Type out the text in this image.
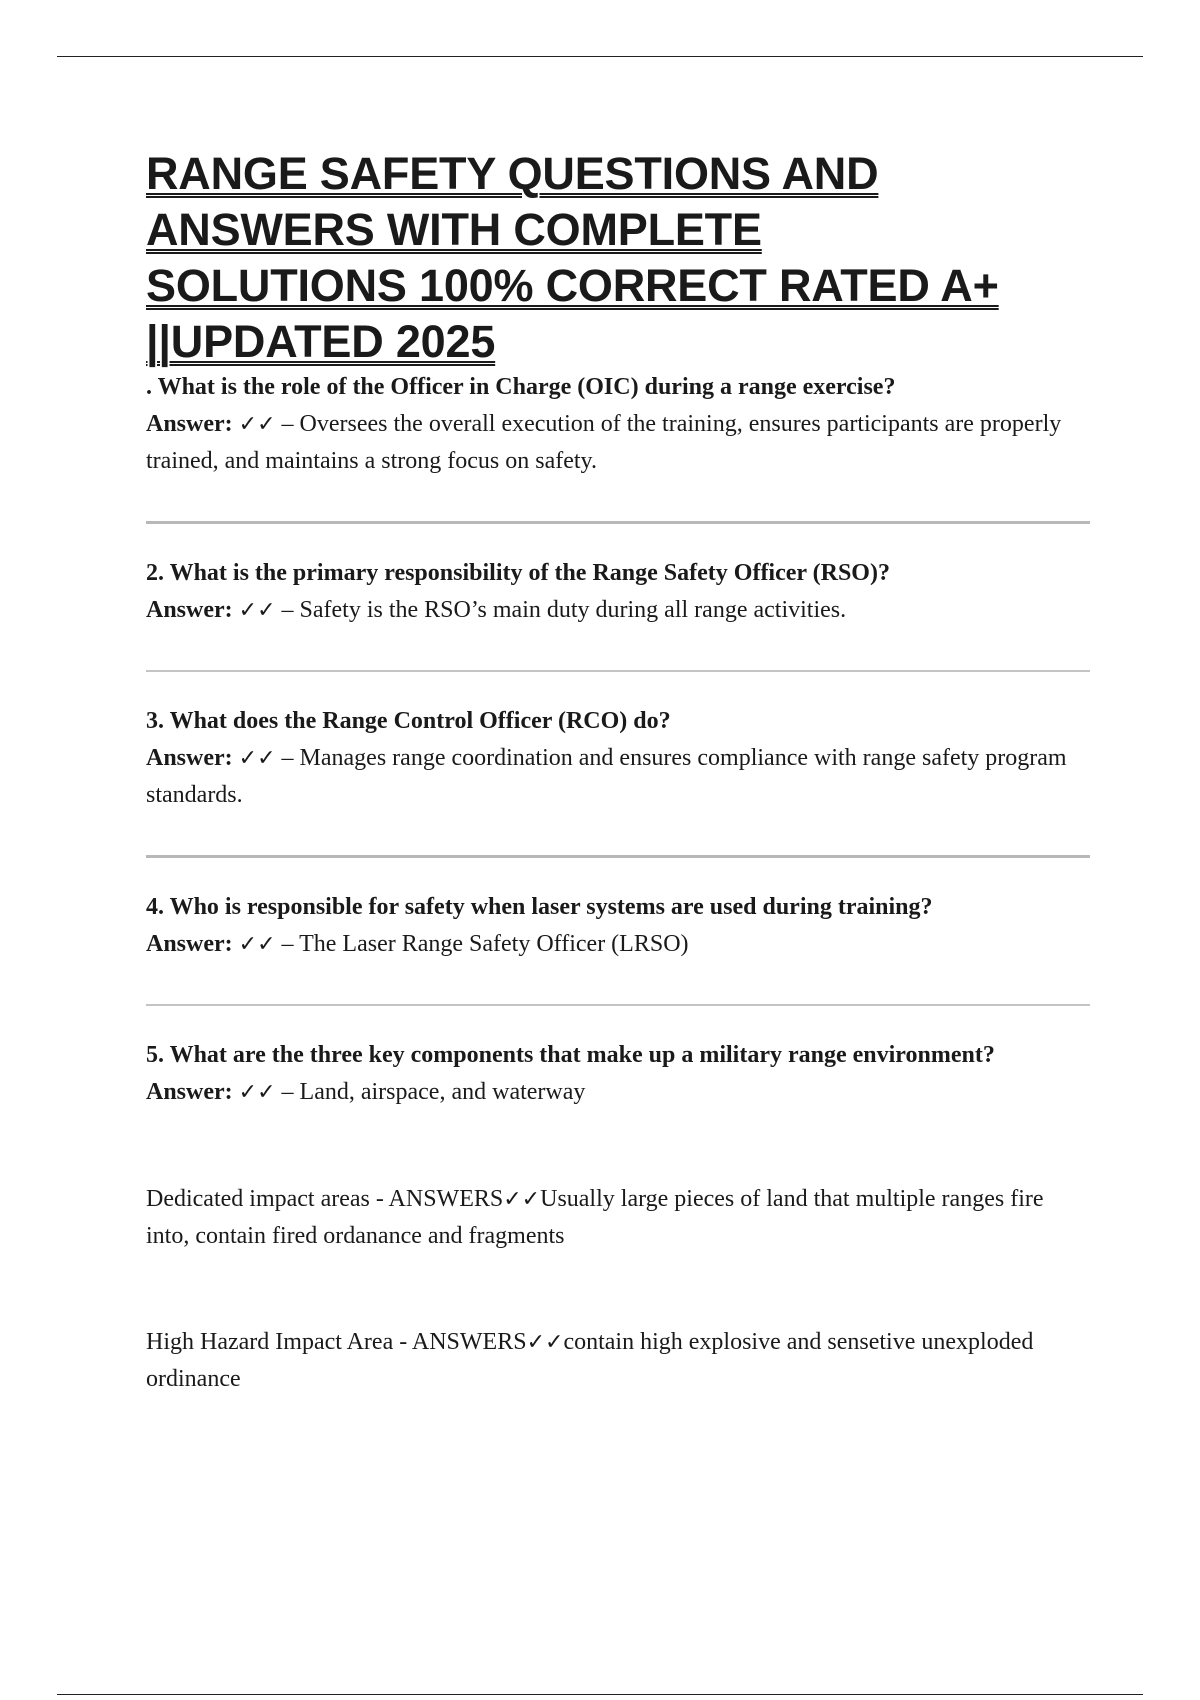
RANGE SAFETY QUESTIONS AND ANSWERS WITH COMPLETE SOLUTIONS 100% CORRECT RATED A+ ||UPDATED 2025

. What is the role of the Officer in Charge (OIC) during a range exercise?

Answer: ✓✓ – Oversees the overall execution of the training, ensures participants are properly trained, and maintains a strong focus on safety.

2. What is the primary responsibility of the Range Safety Officer (RSO)?

Answer: ✓✓ – Safety is the RSO’s main duty during all range activities.

3. What does the Range Control Officer (RCO) do?

Answer: ✓✓ – Manages range coordination and ensures compliance with range safety program standards.

4. Who is responsible for safety when laser systems are used during training?

Answer: ✓✓ – The Laser Range Safety Officer (LRSO)

5. What are the three key components that make up a military range environment?

Answer: ✓✓ – Land, airspace, and waterway

Dedicated impact areas - ANSWERS✓✓Usually large pieces of land that multiple ranges fire into, contain fired ordanance and fragments

High Hazard Impact Area - ANSWERS✓✓contain high explosive and sensetive unexploded ordinance
